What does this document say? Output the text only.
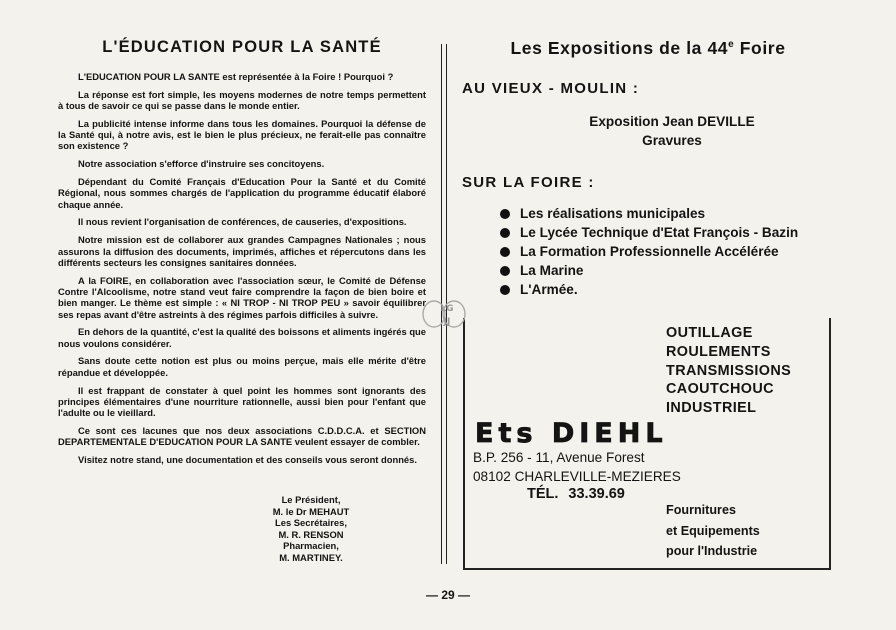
L'ÉDUCATION POUR LA SANTÉ

L'EDUCATION POUR LA SANTE est représentée à la Foire ! Pourquoi ?

La réponse est fort simple, les moyens modernes de notre temps permettent à tous de savoir ce qui se passe dans le monde entier.

La publicité intense informe dans tous les domaines. Pourquoi la défense de la Santé qui, à notre avis, est le bien le plus précieux, ne ferait-elle pas connaître son existence ?

Notre association s'efforce d'instruire ses concitoyens.

Dépendant du Comité Français d'Education Pour la Santé et du Comité Régional, nous sommes chargés de l'application du programme éducatif élaboré chaque année.

Il nous revient l'organisation de conférences, de causeries, d'expositions.

Notre mission est de collaborer aux grandes Campagnes Nationales ; nous assurons la diffusion des documents, imprimés, affiches et répercutons dans les différents secteurs les consignes sanitaires données.

A la FOIRE, en collaboration avec l'association sœur, le Comité de Défense Contre l'Alcoolisme, notre stand veut faire comprendre la façon de bien boire et bien manger. Le thème est simple : « NI TROP - NI TROP PEU » savoir équilibrer ses repas avant d'être astreints à des régimes parfois difficiles à suivre.

En dehors de la quantité, c'est la qualité des boissons et aliments ingérés que nous voulons considérer.

Sans doute cette notion est plus ou moins perçue, mais elle mérite d'être répandue et développée.

Il est frappant de constater à quel point les hommes sont ignorants des principes élémentaires d'une nourriture rationnelle, aussi bien pour l'enfant que l'adulte ou le vieillard.

Ce sont ces lacunes que nos deux associations C.D.D.C.A. et SECTION DEPARTEMENTALE D'EDUCATION POUR LA SANTE veulent essayer de combler.

Visitez notre stand, une documentation et des conseils vous seront donnés.

Le Président,
M. le Dr MEHAUT
Les Secrétaires,
M. R. RENSON
Pharmacien,
M. MARTINEY.
Les Expositions de la 44e Foire
AU VIEUX - MOULIN :
Exposition Jean DEVILLE
Gravures
SUR LA FOIRE :
Les réalisations municipales
Le Lycée Technique d'Etat François - Bazin
La Formation Professionnelle Accélérée
La Marine
L'Armée.
OUTILLAGE
ROULEMENTS
TRANSMISSIONS
CAOUTCHOUC
INDUSTRIEL
Ets DIEHL
B.P. 256 - 11, Avenue Forest
08102 CHARLEVILLE-MEZIERES
TÉL. 33.39.69
Fournitures
et Equipements
pour l'Industrie
LG
JJ
— 29 —
